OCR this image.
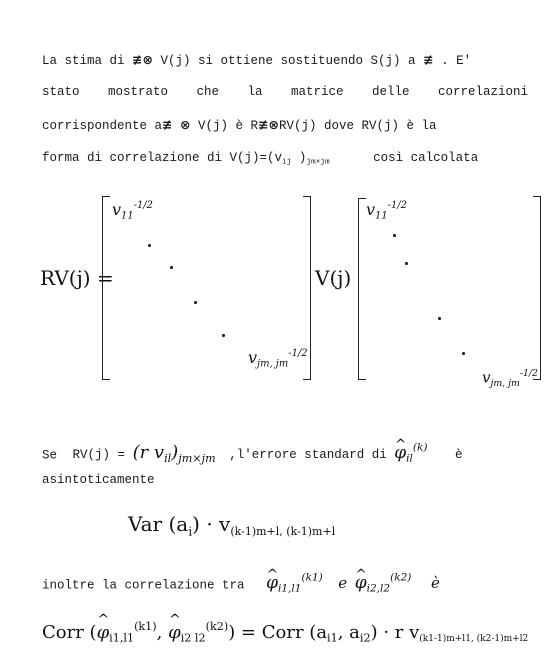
La stima di ≢⊗ V(j) si ottiene sostituendo S(j) a ≢ . E'
stato mostrato che la matrice delle correlazioni
corrispondente a≢ ⊗ V(j) è R≢⊗RV(j) dove RV(j) è la
forma di correlazione di $V(j)=(v_{ij}$ )$_{jm\times jm}$	così calcolata
RV(j) =
$v_{11}^{-1/2}$
$v_{jm, jm}^{-1/2}$
V(j)
$v_{11}^{-1/2}$
$v_{jm, jm}^{-1/2}$
Se RV(j) = (r $v_{il})_{jm\times jm}$ ,l'errore standard di ^ $\varphi_{il}^{(k)}$ è
asintoticamente
Var $(a_i) \cdot v_{(k-1)m+l, (k-1)m+l}$
inoltre la correlazione tra ^ $\varphi_{i1,l1}^{(k1)}$ e ^ $\varphi_{i2,l2}^{(k2)}$ è
Corr (^ $\varphi_{i1,l1}^{(k1)}$, ^ $\varphi_{i2 l2}^{(k2)}$) = Corr ($a_{i1}$, $a_{i2}) \cdot r$ $v_{(k1-1)m+l1, (k2-1)m+l2}$
